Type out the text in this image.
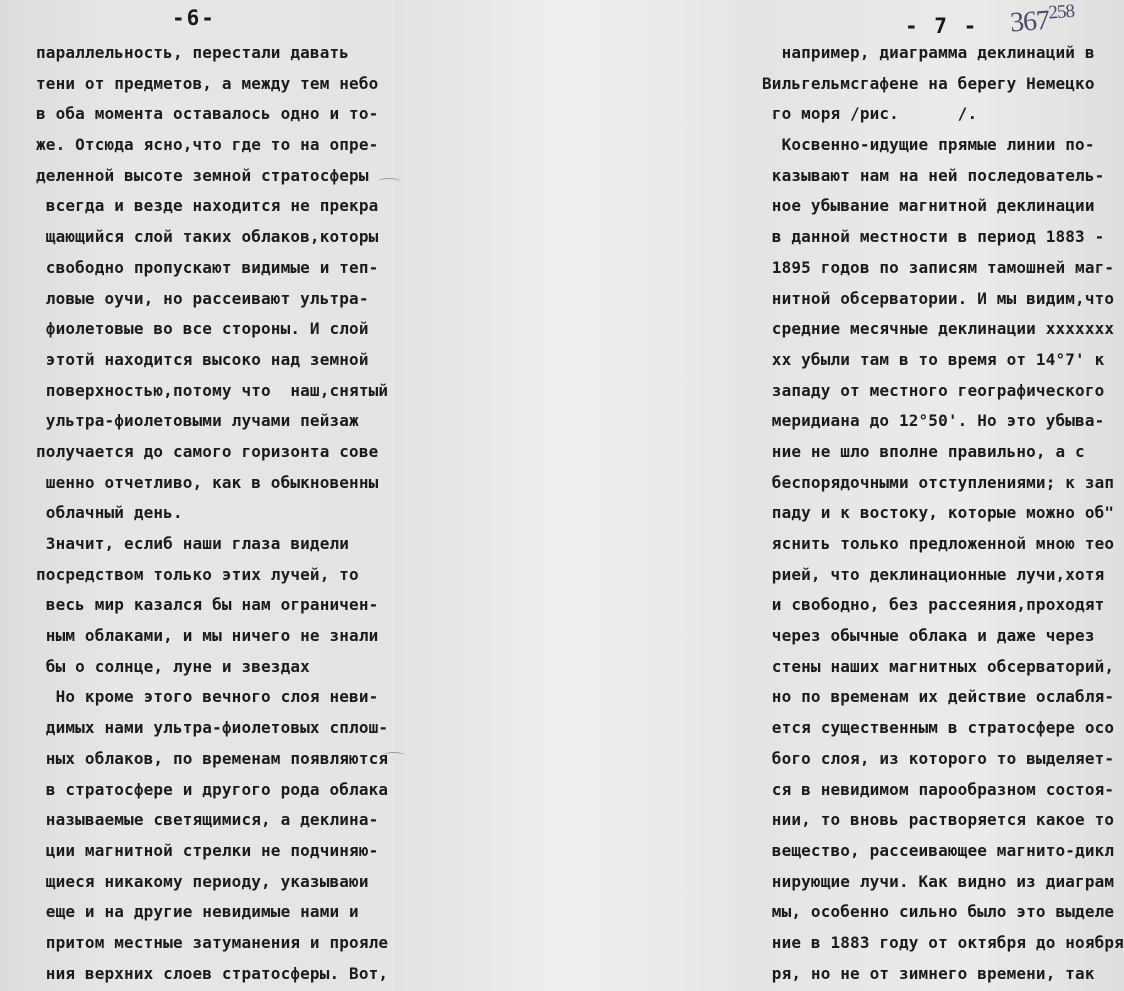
-6-	- $7 - 367^{258}$
параллельность, перестали давать
тени от предметов, а между тем небо
в оба момента оставалось одно и то-
же. Отсюда ясно,что где то на опре-
деленной высоте земной стратосферы
всегда и везде находится не прекра
щающийся слой таких облаков,которы
свободно пропускают видимые и теп-
ловые оучи, но рассеивают ультра-
фиолетовые во все стороны. И слой
этотй находится высоко над земной
поверхностью,потому что  наш,снятый
ультра-фиолетовыми лучами пейзаж
получается до самого горизонта сове
шенно отчетливо, как в обыкновенны
облачный день.
Значит, еслиб наши глаза видели
посредством только этих лучей, то
весь мир казался бы нам ограничен-
ным облаками, и мы ничего не знали
бы о солнце, луне и звездах
Но кроме этого вечного слоя неви-
димых нами ультра-фиолетовых сплош-
ных облаков, по временам появляются
в стратосфере и другого рода облака
называемые светящимися, а деклина-
ции магнитной стрелки не подчиняю-
щиеся никакому периоду, указываюи
еще и на другие невидимые нами и
притом местные затуманения и прояле
ния верхних слоев стратосферы. Вот,
например, диаграмма деклинаций в
Вильгельмсгафене на берегу Немецко
го моря /рис.      /.
Косвенно-идущие прямые линии по-
казывают нам на ней последователь-
ное убывание магнитной деклинации
в данной местности в период 1883 -
1895 годов по записям тамошней маг-
нитной обсерватории. И мы видим,что
средние месячные деклинации xxxxxxx
xx убыли там в то время от 14°7' к
западу от местного географического
меридиана до 12°50'. Но это убыва-
ние не шло вполне правильно, а с
беспорядочными отступлениями; к зап
паду и к востоку, которые можно об"
яснить только предложенной мною тео
рией, что деклинационные лучи,хотя
и свободно, без рассеяния,проходят
через обычные облака и даже через
стены наших магнитных обсерваторий,
но по временам их действие ослабля-
ется существенным в стратосфере осо
бого слоя, из которого то выделяет-
ся в невидимом парообразном состоя-
нии, то вновь растворяется какое то
вещество, рассеивающее магнито-дикл
нирующие лучи. Как видно из диаграм
мы, особенно сильно было это выделе
ние в 1883 году от октября до ноября
ря, но не от зимнего времени, так
